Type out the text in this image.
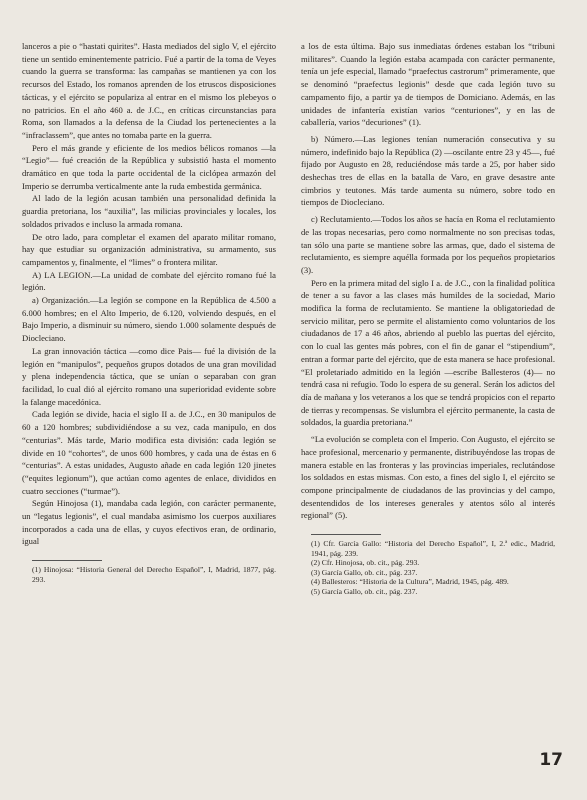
lanceros a pie o “hastati quirites”. Hasta mediados del siglo V, el ejército tiene un sentido eminentemente patricio. Fué a partir de la toma de Veyes cuando la guerra se transforma: las campañas se mantienen ya con los recursos del Estado, los romanos aprenden de los etruscos disposiciones tácticas, y el ejército se populariza al entrar en el mismo los plebeyos o no patricios. En el año 460 a. de J.C., en críticas circunstancias para Roma, son llamados a la defensa de la Ciudad los pertenecientes a la “infraclassem”, que antes no tomaba parte en la guerra.

Pero el más grande y eficiente de los medios bélicos romanos —la “Legio”— fué creación de la República y subsistió hasta el momento dramático en que toda la parte occidental de la ciclópea armazón del Imperio se derrumba verticalmente ante la ruda embestida germánica.

Al lado de la legión acusan también una personalidad definida la guardia pretoriana, los “auxilia”, las milicias provinciales y locales, los soldados privados e incluso la armada romana.

De otro lado, para completar el examen del aparato militar romano, hay que estudiar su organización administrativa, su armamento, sus campamentos y, finalmente, el “limes” o frontera militar.

A) LA LEGION.—La unidad de combate del ejército romano fué la legión.

a) Organización.—La legión se compone en la República de 4.500 a 6.000 hombres; en el Alto Imperio, de 6.120, volviendo después, en el Bajo Imperio, a disminuir su número, siendo 1.000 solamente después de Diocleciano.

La gran innovación táctica —como dice Pais— fué la división de la legión en “manipulos”, pequeños grupos dotados de una gran movilidad y plena independencia táctica, que se unían o separaban con gran facilidad, lo cual dió al ejército romano una superioridad evidente sobre la falange macedónica.

Cada legión se divide, hacia el siglo II a. de J.C., en 30 manipulos de 60 a 120 hombres; subdividiéndose a su vez, cada manipulo, en dos “centurias”. Más tarde, Mario modifica esta división: cada legión se divide en 10 “cohortes”, de unos 600 hombres, y cada una de éstas en 6 “centurias”. A estas unidades, Augusto añade en cada legión 120 jinetes (“equites legionum”), que actúan como agentes de enlace, divididos en cuatro secciones (“turmae”).

Según Hinojosa (1), mandaba cada legión, con carácter permanente, un “legatus legionis”, el cual mandaba asimismo los cuerpos auxiliares incorporados a cada una de ellas, y cuyos efectivos eran, de ordinario, igual

(1) Hinojosa: “Historia General del Derecho Español”, I, Madrid, 1877, pág. 293.

a los de esta última. Bajo sus inmediatas órdenes estaban los “tribuni militares”. Cuando la legión estaba acampada con carácter permanente, tenía un jefe especial, llamado “praefectus castrorum” primeramente, que se denominó “praefectus legionis” desde que cada legión tuvo su campamento fijo, a partir ya de tiempos de Domiciano. Además, en las unidades de infantería existían varios “centuriones”, y en las de caballería, varios “decuriones” (1).

b) Número.—Las legiones tenían numeración consecutiva y su número, indefinido bajo la República (2) —oscilante entre 23 y 45—, fué fijado por Augusto en 28, reduciéndose más tarde a 25, por haber sido deshechas tres de ellas en la batalla de Varo, en grave desastre ante cimbrios y teutones. Más tarde aumenta su número, sobre todo en tiempos de Diocleciano.

c) Reclutamiento.—Todos los años se hacía en Roma el reclutamiento de las tropas necesarias, pero como normalmente no son precisas todas, tan sólo una parte se mantiene sobre las armas, que, dado el sistema de reclutamiento, es siempre aquélla formada por los pequeños propietarios (3).

Pero en la primera mitad del siglo I a. de J.C., con la finalidad política de tener a su favor a las clases más humildes de la sociedad, Mario modifica la forma de reclutamiento. Se mantiene la obligatoriedad de servicio militar, pero se permite el alistamiento como voluntarios de los ciudadanos de 17 a 46 años, abriendo al pueblo las puertas del ejército, con lo cual las gentes más pobres, con el fin de ganar el “stipendium”, entran a formar parte del ejército, que de esta manera se hace profesional. “El proletariado admitido en la legión —escribe Ballesteros (4)— no tendrá casa ni refugio. Todo lo espera de su general. Serán los adictos del día de mañana y los veteranos a los que se tendrá propicios con el reparto de tierras y recompensas. Se vislumbra el ejército permanente, la casta de soldados, la guardia pretoriana.”

“La evolución se completa con el Imperio. Con Augusto, el ejército se hace profesional, mercenario y permanente, distribuyéndose las tropas de manera estable en las fronteras y las provincias imperiales, reclutándose los soldados en estas mismas. Con esto, a fines del siglo I, el ejército se compone principalmente de ciudadanos de las provincias y del campo, desentendidos de los intereses generales y atentos sólo al interés regional” (5).

(1) Cfr. García Gallo: “Historia del Derecho Español”, I, 2.ª edic., Madrid, 1941, pág. 239.

(2) Cfr. Hinojosa, ob. cit., pág. 293.

(3) García Gallo, ob. cit., pág. 237.

(4) Ballesteros: “Historia de la Cultura”, Madrid, 1945, pág. 489.

(5) García Gallo, ob. cit., pág. 237.

17
